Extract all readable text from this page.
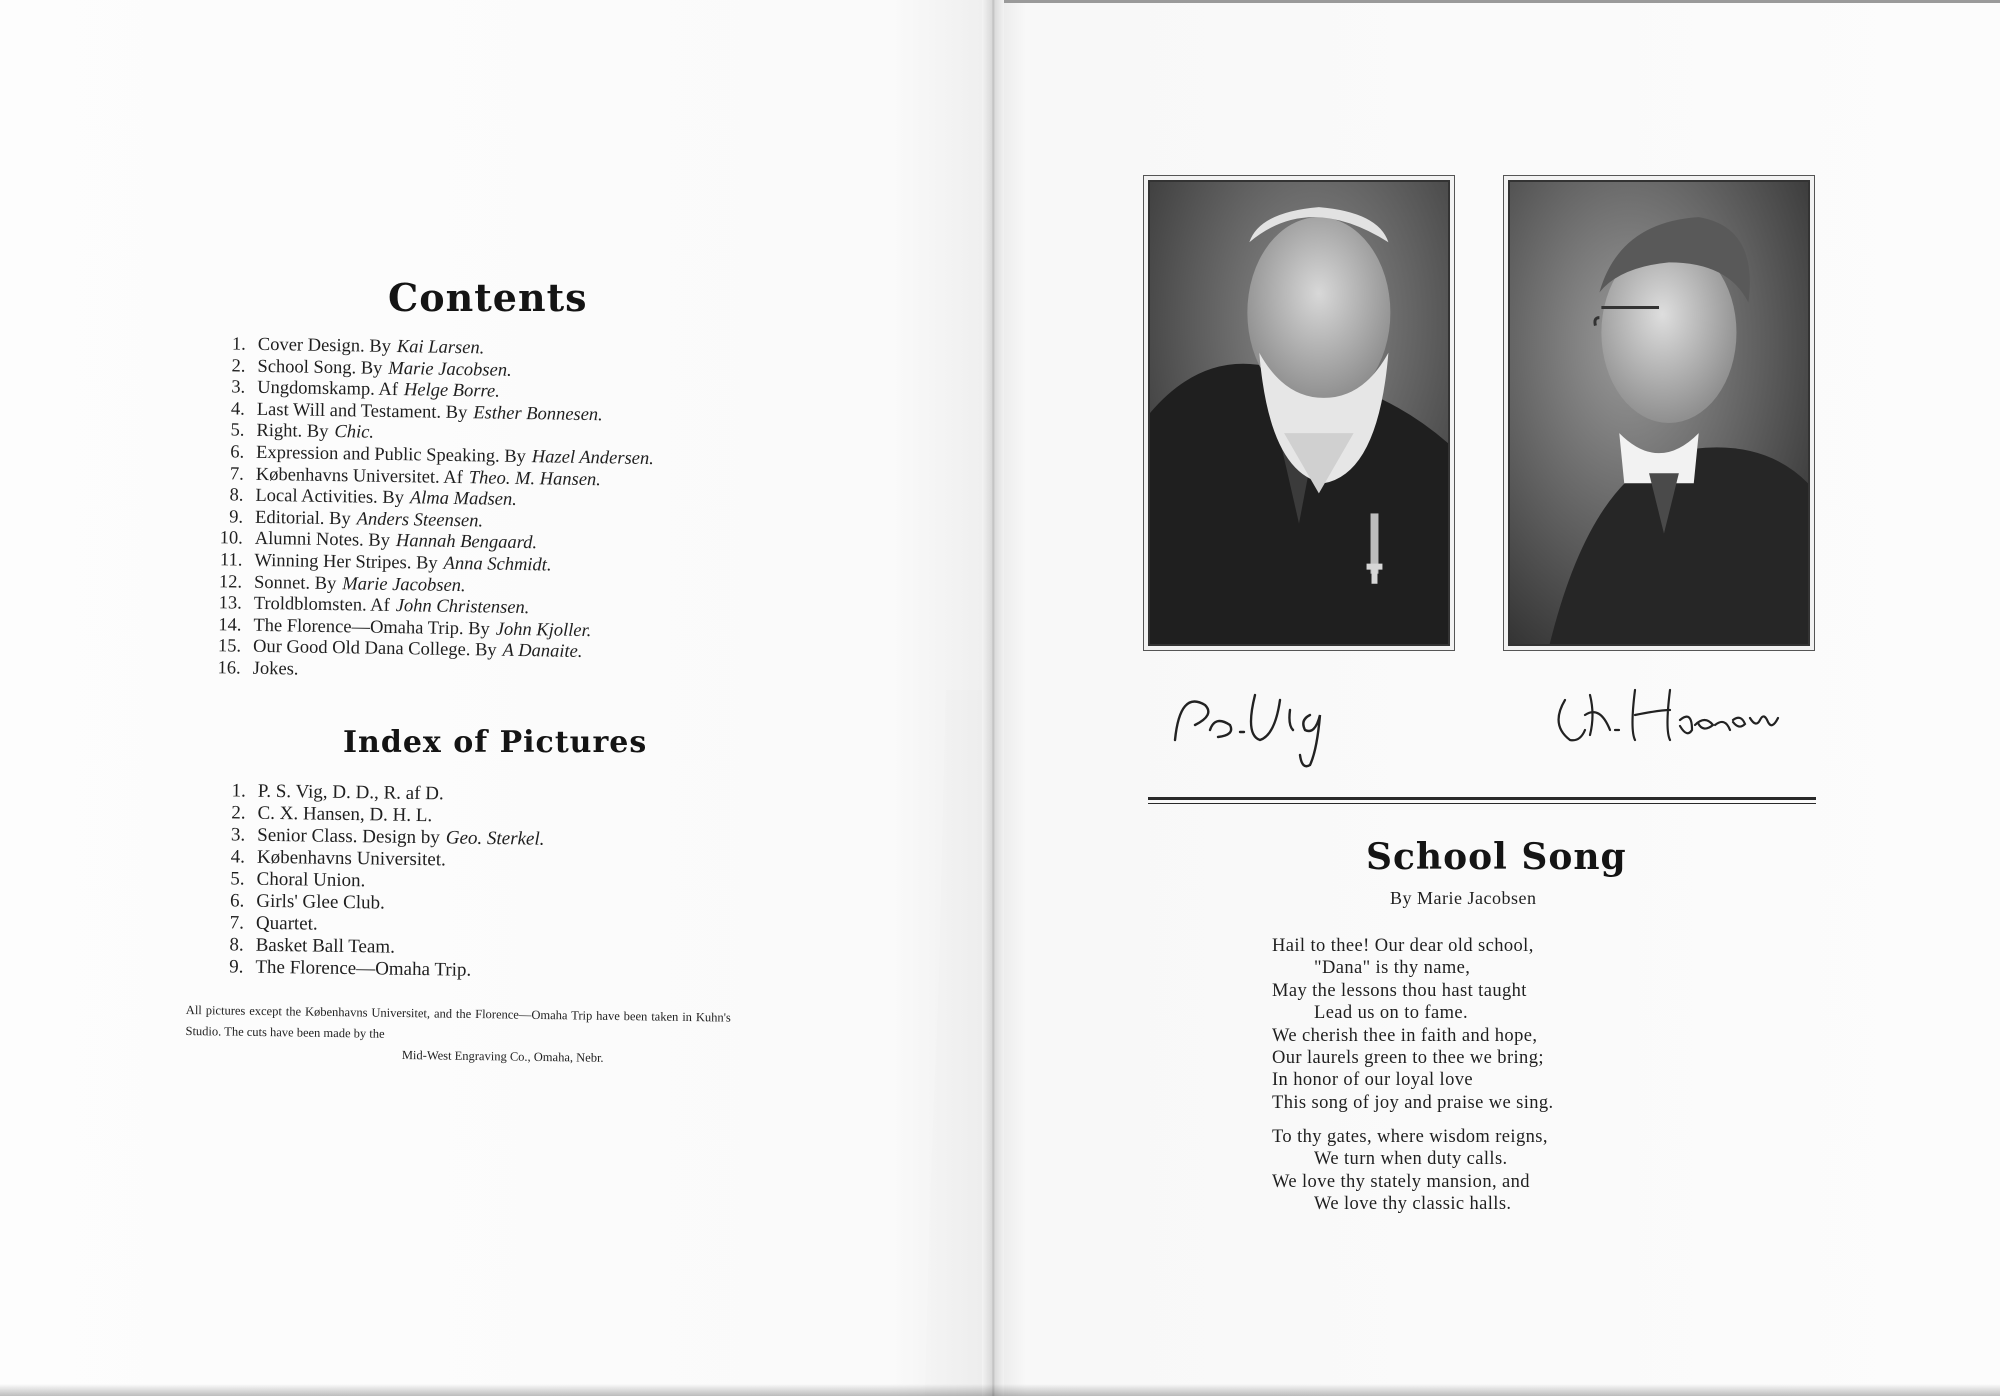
Contents
1. Cover Design. By Kai Larsen.
2. School Song. By Marie Jacobsen.
3. Ungdomskamp. Af Helge Borre.
4. Last Will and Testament. By Esther Bonnesen.
5. Right. By Chic.
6. Expression and Public Speaking. By Hazel Andersen.
7. Københavns Universitet. Af Theo. M. Hansen.
8. Local Activities. By Alma Madsen.
9. Editorial. By Anders Steensen.
10. Alumni Notes. By Hannah Bengaard.
11. Winning Her Stripes. By Anna Schmidt.
12. Sonnet. By Marie Jacobsen.
13. Troldblomsten. Af John Christensen.
14. The Florence—Omaha Trip. By John Kjoller.
15. Our Good Old Dana College. By A Danaite.
16. Jokes.
Index of Pictures
1. P. S. Vig, D. D., R. af D.
2. C. X. Hansen, D. H. L.
3. Senior Class. Design by Geo. Sterkel.
4. Københavns Universitet.
5. Choral Union.
6. Girls' Glee Club.
7. Quartet.
8. Basket Ball Team.
9. The Florence—Omaha Trip.

All pictures except the Københavns Universitet, and the Florence—Omaha Trip have been taken in Kuhn's Studio. The cuts have been made by the
Mid-West Engraving Co., Omaha, Nebr.

School Song
By Marie Jacobsen
Hail to thee! Our dear old school,
"Dana" is thy name,
May the lessons thou hast taught
Lead us on to fame.
We cherish thee in faith and hope,
Our laurels green to thee we bring;
In honor of our loyal love
This song of joy and praise we sing.
To thy gates, where wisdom reigns,
We turn when duty calls.
We love thy stately mansion, and
We love thy classic halls.
